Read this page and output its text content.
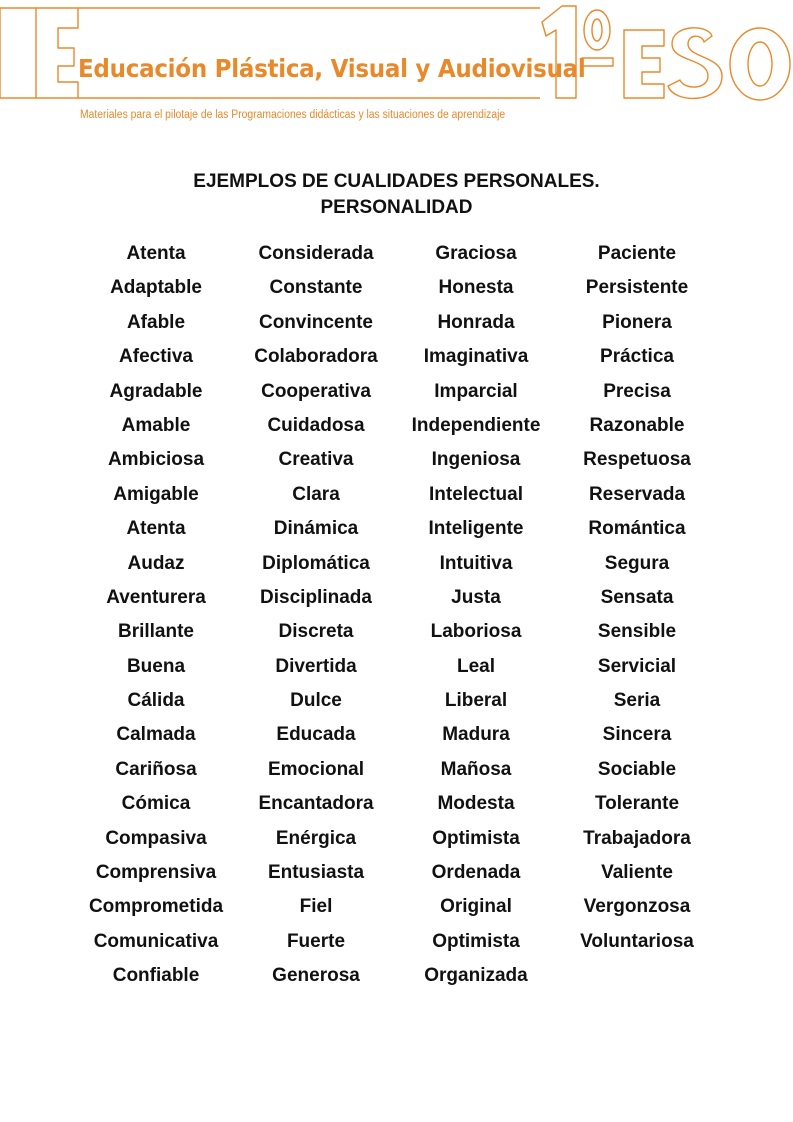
Educación Plástica, Visual y Audiovisual
Materiales para el pilotaje de las Programaciones didácticas y las situaciones de aprendizaje
EJEMPLOS DE CUALIDADES PERSONALES.
PERSONALIDAD
Atenta	Considerada	Graciosa	Paciente
Adaptable	Constante	Honesta	Persistente
Afable	Convincente	Honrada	Pionera
Afectiva	Colaboradora	Imaginativa	Práctica
Agradable	Cooperativa	Imparcial	Precisa
Amable	Cuidadosa	Independiente	Razonable
Ambiciosa	Creativa	Ingeniosa	Respetuosa
Amigable	Clara	Intelectual	Reservada
Atenta	Dinámica	Inteligente	Romántica
Audaz	Diplomática	Intuitiva	Segura
Aventurera	Disciplinada	Justa	Sensata
Brillante	Discreta	Laboriosa	Sensible
Buena	Divertida	Leal	Servicial
Cálida	Dulce	Liberal	Seria
Calmada	Educada	Madura	Sincera
Cariñosa	Emocional	Mañosa	Sociable
Cómica	Encantadora	Modesta	Tolerante
Compasiva	Enérgica	Optimista	Trabajadora
Comprensiva	Entusiasta	Ordenada	Valiente
Comprometida	Fiel	Original	Vergonzosa
Comunicativa	Fuerte	Optimista	Voluntariosa
Confiable	Generosa	Organizada
